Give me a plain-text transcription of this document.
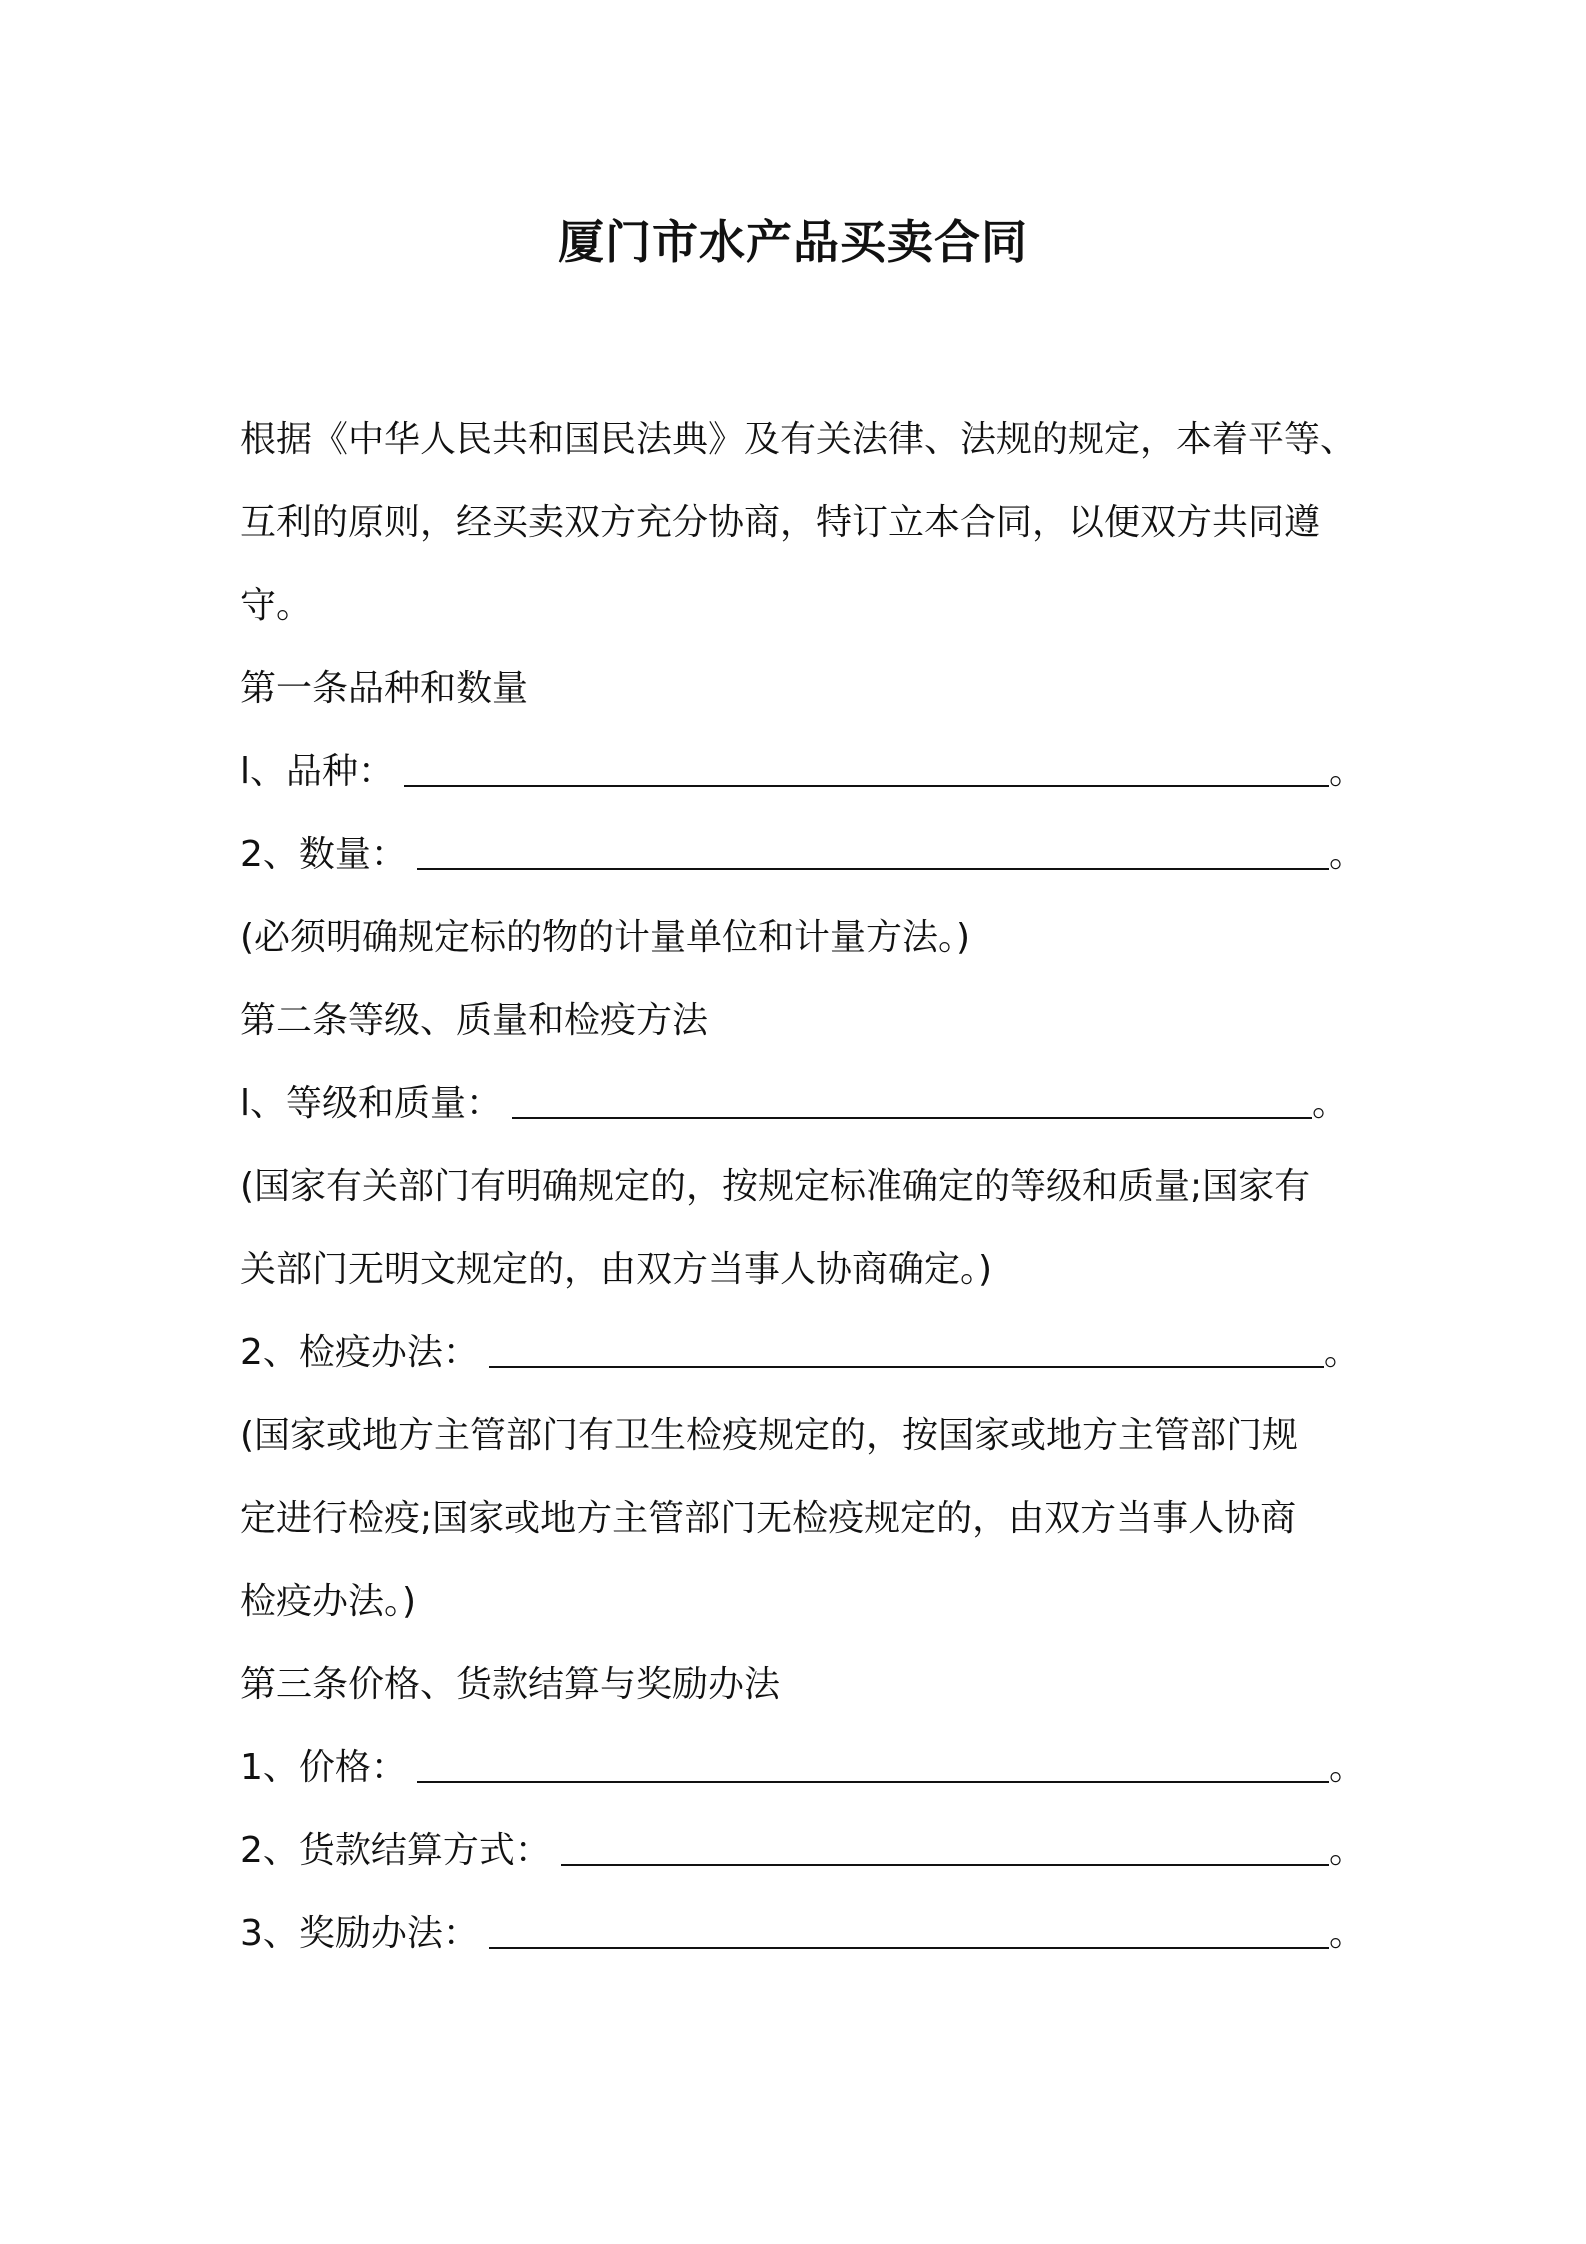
厦门市水产品买卖合同
根据《中华人民共和国民法典》及有关法律、法规的规定，本着平等、
互利的原则，经买卖双方充分协商，特订立本合同，以便双方共同遵
守。
第一条品种和数量
l、品种：	。
2、数量：	。
(必须明确规定标的物的计量单位和计量方法。)
第二条等级、质量和检疫方法
l、等级和质量：	。
(国家有关部门有明确规定的，按规定标准确定的等级和质量;国家有
关部门无明文规定的，由双方当事人协商确定。)
2、检疫办法：	。
(国家或地方主管部门有卫生检疫规定的，按国家或地方主管部门规
定进行检疫;国家或地方主管部门无检疫规定的，由双方当事人协商
检疫办法。)
第三条价格、货款结算与奖励办法
1、价格：	。
2、货款结算方式：	。
3、奖励办法：	。
